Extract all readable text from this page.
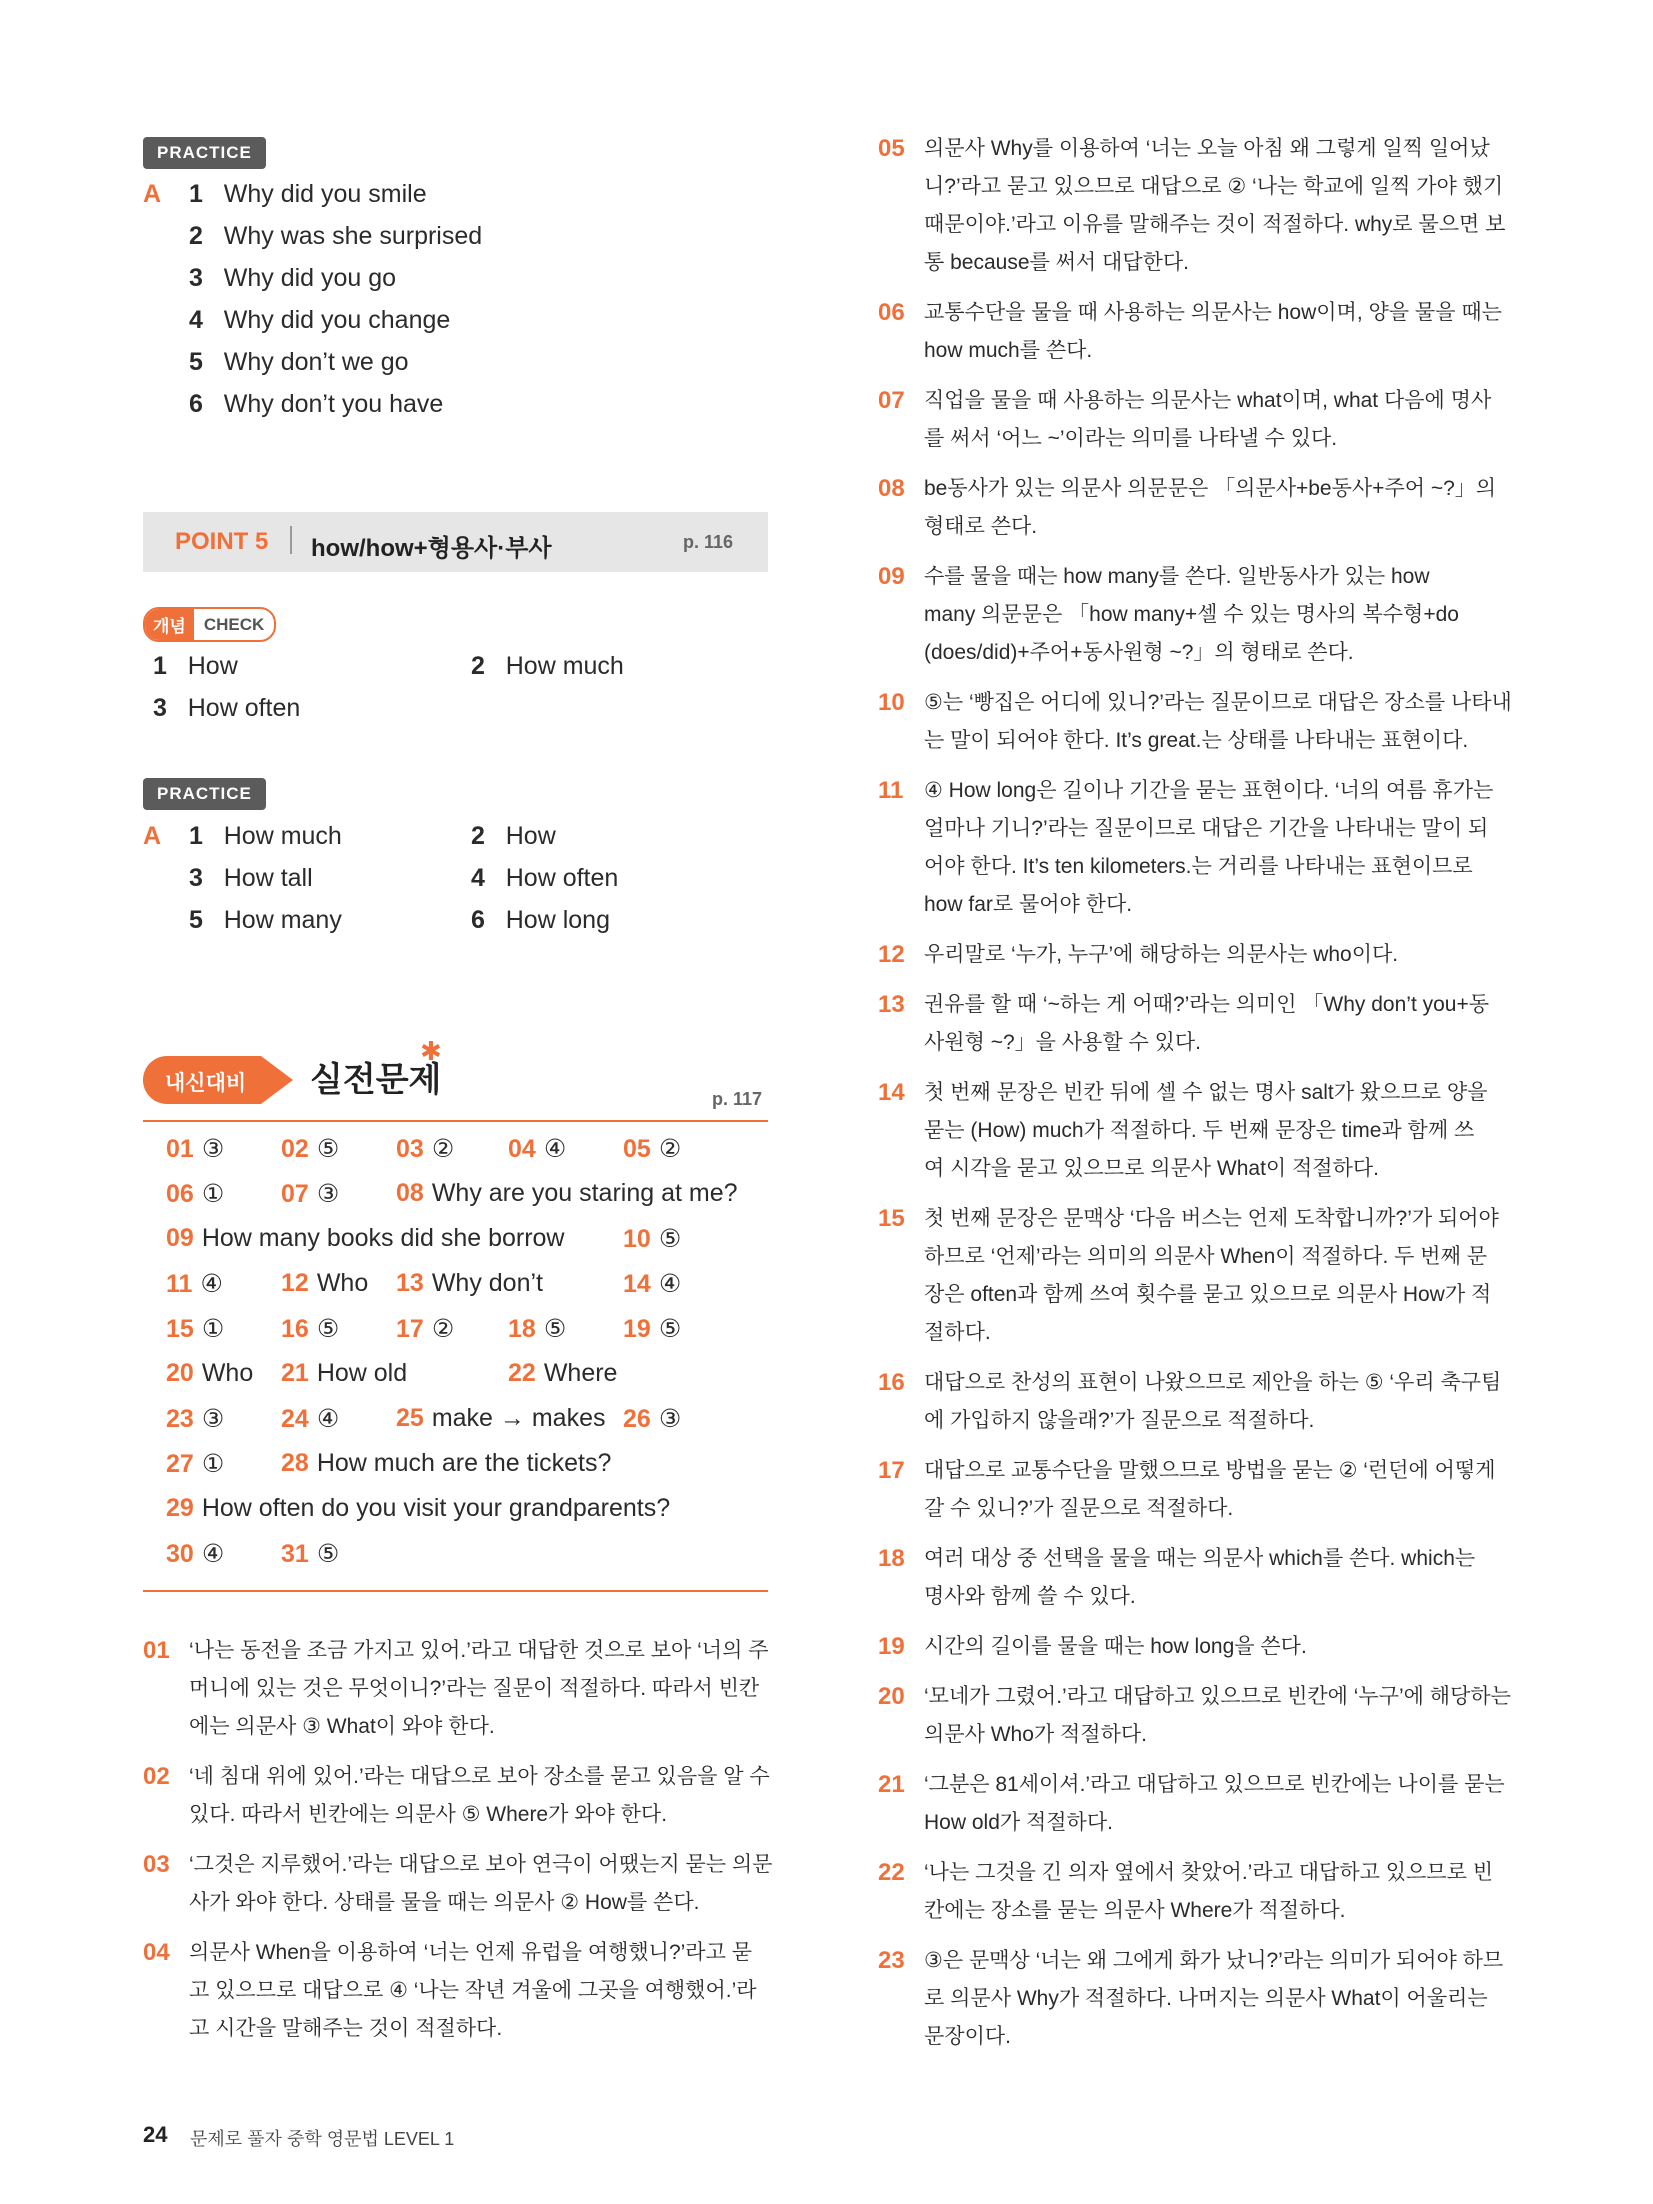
PRACTICE
A 1 Why did you smile
2 Why was she surprised
3 Why did you go
4 Why did you change
5 Why don’t we go
6 Why don’t you have
POINT 5 how/how+형용사·부사	p. 116
개념	CHECK
1 How	2 How much
3 How often
PRACTICE
A 1 How much	2 How
3 How tall	4 How often
5 How many	6 How long
내신대비 실전문제
✱
p. 117
01 ③ 02 ⑤ 03 ② 04 ④ 05 ②
06 ① 07 ③ 08 Why are you staring at me?
09 How many books did she borrow 10 ⑤
11 ④ 12 Who 13 Why don’t	14 ④
15 ① 16 ⑤ 17 ② 18 ⑤ 19 ⑤
20 Who 21 How old	22 Where
23 ③ 24 ④ 25 make → makes 26 ③
27 ① 28 How much are the tickets?
29 How often do you visit your grandparents?
30 ④ 31 ⑤
01 ‘나는 동전을 조금 가지고 있어.’라고 대답한 것으로 보아 ‘너의 주
머니에 있는 것은 무엇이니?’라는 질문이 적절하다. 따라서 빈칸
에는 의문사 ③ What이 와야 한다.
02 ‘네 침대 위에 있어.’라는 대답으로 보아 장소를 묻고 있음을 알 수
있다. 따라서 빈칸에는 의문사 ⑤ Where가 와야 한다.
03 ‘그것은 지루했어.’라는 대답으로 보아 연극이 어땠는지 묻는 의문
사가 와야 한다. 상태를 물을 때는 의문사 ② How를 쓴다.
04 의문사 When을 이용하여 ‘너는 언제 유럽을 여행했니?’라고 묻
고 있으므로 대답으로 ④ ‘나는 작년 겨울에 그곳을 여행했어.’라
고 시간을 말해주는 것이 적절하다.
05 의문사 Why를 이용하여 ‘너는 오늘 아침 왜 그렇게 일찍 일어났
니?’라고 묻고 있으므로 대답으로 ② ‘나는 학교에 일찍 가야 했기
때문이야.’라고 이유를 말해주는 것이 적절하다. why로 물으면 보
통 because를 써서 대답한다.
06 교통수단을 물을 때 사용하는 의문사는 how이며, 양을 물을 때는
how much를 쓴다.
07 직업을 물을 때 사용하는 의문사는 what이며, what 다음에 명사
를 써서 ‘어느 ~’이라는 의미를 나타낼 수 있다.
08 be동사가 있는 의문사 의문문은 「의문사+be동사+주어 ~?」의
형태로 쓴다.
09 수를 물을 때는 how many를 쓴다. 일반동사가 있는 how
many 의문문은 「how many+셀 수 있는 명사의 복수형+do
(does/did)+주어+동사원형 ~?」의 형태로 쓴다.
10 ⑤는 ‘빵집은 어디에 있니?’라는 질문이므로 대답은 장소를 나타내
는 말이 되어야 한다. It’s great.는 상태를 나타내는 표현이다.
11 ④ How long은 길이나 기간을 묻는 표현이다. ‘너의 여름 휴가는
얼마나 기니?’라는 질문이므로 대답은 기간을 나타내는 말이 되
어야 한다. It’s ten kilometers.는 거리를 나타내는 표현이므로
how far로 물어야 한다.
12 우리말로 ‘누가, 누구’에 해당하는 의문사는 who이다.
13 권유를 할 때 ‘~하는 게 어때?’라는 의미인 「Why don’t you+동
사원형 ~?」을 사용할 수 있다.
14 첫 번째 문장은 빈칸 뒤에 셀 수 없는 명사 salt가 왔으므로 양을
묻는 (How) much가 적절하다. 두 번째 문장은 time과 함께 쓰
여 시각을 묻고 있으므로 의문사 What이 적절하다.
15 첫 번째 문장은 문맥상 ‘다음 버스는 언제 도착합니까?’가 되어야
하므로 ‘언제’라는 의미의 의문사 When이 적절하다. 두 번째 문
장은 often과 함께 쓰여 횟수를 묻고 있으므로 의문사 How가 적
절하다.
16 대답으로 찬성의 표현이 나왔으므로 제안을 하는 ⑤ ‘우리 축구팀
에 가입하지 않을래?’가 질문으로 적절하다.
17 대답으로 교통수단을 말했으므로 방법을 묻는 ② ‘런던에 어떻게
갈 수 있니?’가 질문으로 적절하다.
18 여러 대상 중 선택을 물을 때는 의문사 which를 쓴다. which는
명사와 함께 쓸 수 있다.
19 시간의 길이를 물을 때는 how long을 쓴다.
20 ‘모네가 그렸어.’라고 대답하고 있으므로 빈칸에 ‘누구’에 해당하는
의문사 Who가 적절하다.
21 ‘그분은 81세이셔.’라고 대답하고 있으므로 빈칸에는 나이를 묻는
How old가 적절하다.
22 ‘나는 그것을 긴 의자 옆에서 찾았어.’라고 대답하고 있으므로 빈
칸에는 장소를 묻는 의문사 Where가 적절하다.
23 ③은 문맥상 ‘너는 왜 그에게 화가 났니?’라는 의미가 되어야 하므
로 의문사 Why가 적절하다. 나머지는 의문사 What이 어울리는
문장이다.
24 문제로 풀자 중학 영문법 LEVEL 1
